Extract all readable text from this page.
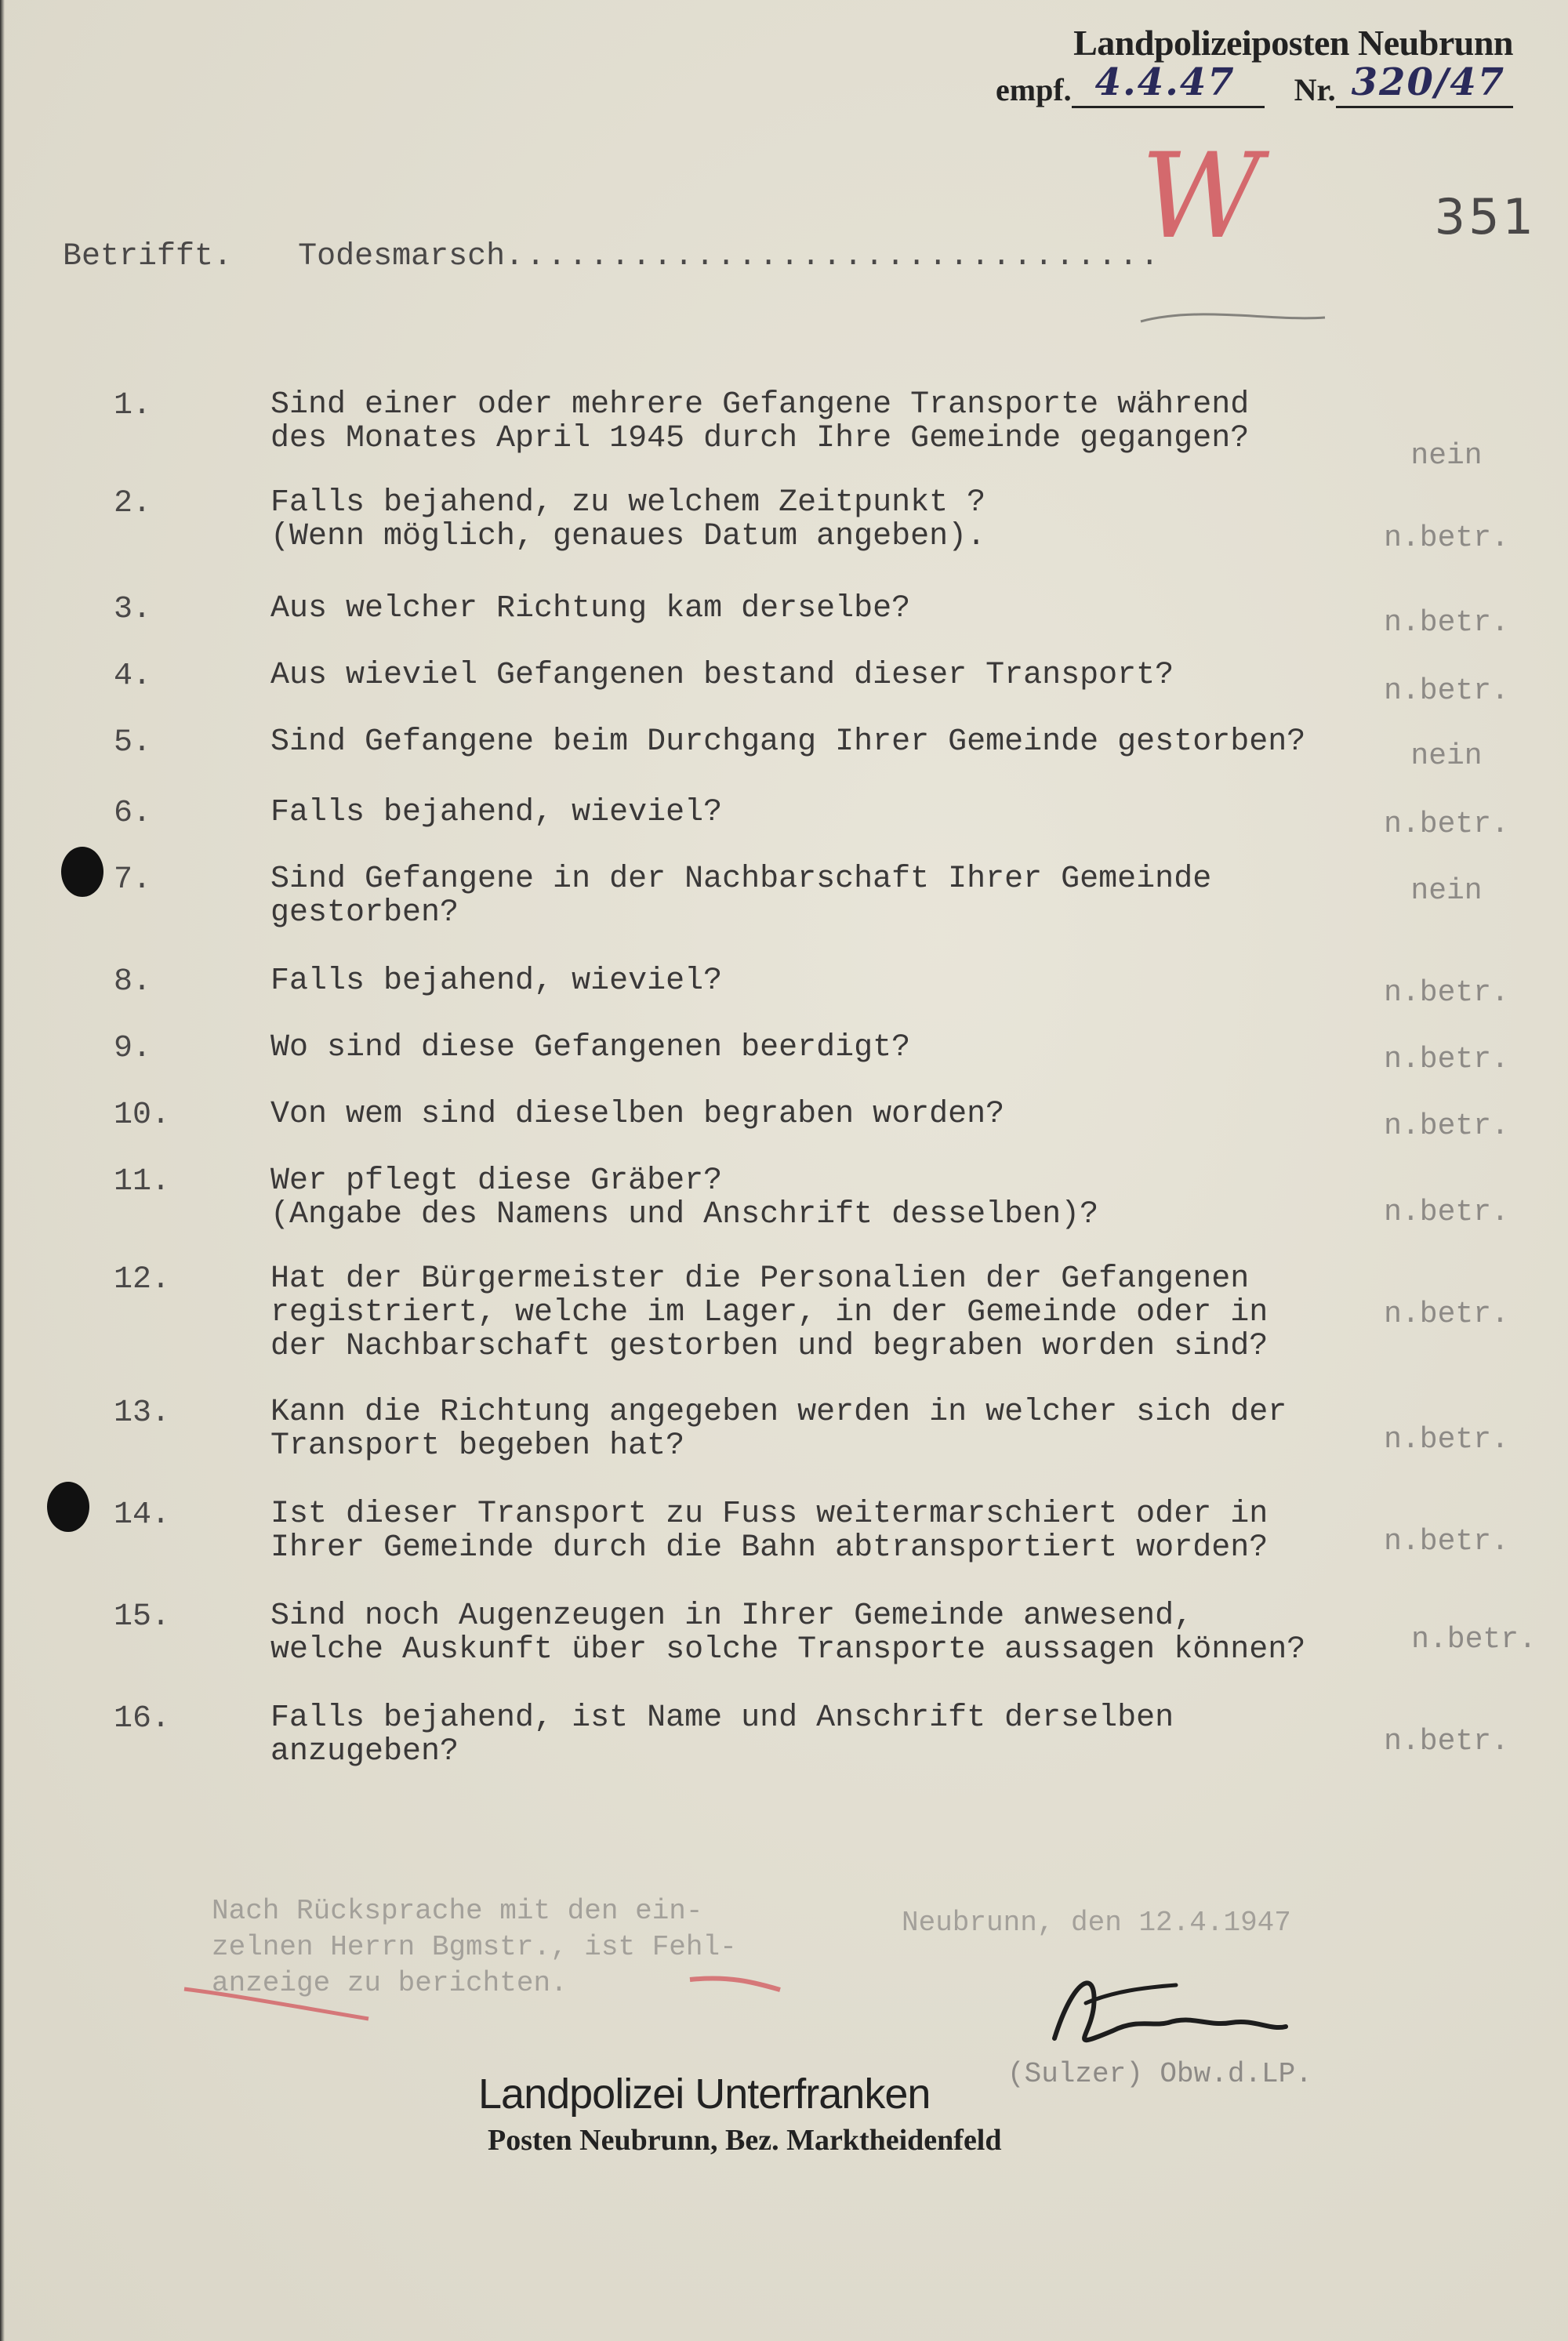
Landpolizeiposten Neubrunn
empf. 4.4.47 Nr. 320/47
351
Betrifft. Todesmarsch...............................
1.	Sind einer oder mehrere Gefangene Transporte während
des Monates April 1945 durch Ihre Gemeinde gegangen?	nein
2.	Falls bejahend, zu welchem Zeitpunkt ?
(Wenn möglich, genaues Datum angeben).	n.betr.
3.	Aus welcher Richtung kam derselbe?	n.betr.
4.	Aus wieviel Gefangenen bestand dieser Transport?	n.betr.
5.	Sind Gefangene beim Durchgang Ihrer Gemeinde gestorben?	nein
6.	Falls bejahend, wieviel?	n.betr.
7.	Sind Gefangene in der Nachbarschaft Ihrer Gemeinde
gestorben?
nein
8.	Falls bejahend, wieviel?	n.betr.
9.	Wo sind diese Gefangenen beerdigt?	n.betr.
10.	Von wem sind dieselben begraben worden?	n.betr.
11.	Wer pflegt diese Gräber?
(Angabe des Namens und Anschrift desselben)?	n.betr.
12.	Hat der Bürgermeister die Personalien der Gefangenen
registriert, welche im Lager, in der Gemeinde oder in
der Nachbarschaft gestorben und begraben worden sind?
n.betr.
13.	Kann die Richtung angegeben werden in welcher sich der
Transport begeben hat?	n.betr.
14.	Ist dieser Transport zu Fuss weitermarschiert oder in
Ihrer Gemeinde durch die Bahn abtransportiert worden?	n.betr.
15.	Sind noch Augenzeugen in Ihrer Gemeinde anwesend,
welche Auskunft über solche Transporte aussagen können?	n.betr.
16.	Falls bejahend, ist Name und Anschrift derselben
anzugeben?	n.betr.
Nach Rücksprache mit den ein-
zelnen Herrn Bgmstr., ist Fehl-
anzeige zu berichten.
Neubrunn, den 12.4.1947
(Sulzer) Obw.d.LP.
Landpolizei Unterfranken
Posten Neubrunn, Bez. Marktheidenfeld
W
